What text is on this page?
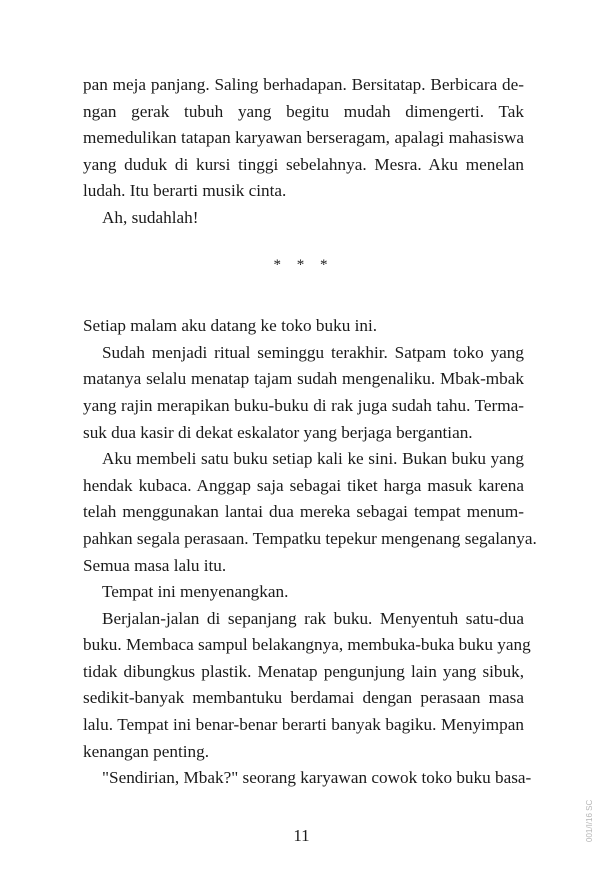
pan meja panjang. Saling berhadapan. Bersitatap. Berbicara de-
ngan gerak tubuh yang begitu mudah dimengerti. Tak
memedulikan tatapan karyawan berseragam, apalagi mahasiswa
yang duduk di kursi tinggi sebelahnya. Mesra. Aku menelan
ludah. Itu berarti musik cinta.
Ah, sudahlah!
* * *
Setiap malam aku datang ke toko buku ini.
Sudah menjadi ritual seminggu terakhir. Satpam toko yang
matanya selalu menatap tajam sudah mengenaliku. Mbak-mbak
yang rajin merapikan buku-buku di rak juga sudah tahu. Terma-
suk dua kasir di dekat eskalator yang berjaga bergantian.
Aku membeli satu buku setiap kali ke sini. Bukan buku yang
hendak kubaca. Anggap saja sebagai tiket harga masuk karena
telah menggunakan lantai dua mereka sebagai tempat menum-
pahkan segala perasaan. Tempatku tepekur mengenang segalanya.
Semua masa lalu itu.
Tempat ini menyenangkan.
Berjalan-jalan di sepanjang rak buku. Menyentuh satu-dua
buku. Membaca sampul belakangnya, membuka-buka buku yang
tidak dibungkus plastik. Menatap pengunjung lain yang sibuk,
sedikit-banyak membantuku berdamai dengan perasaan masa
lalu. Tempat ini benar-benar berarti banyak bagiku. Menyimpan
kenangan penting.
"Sendirian, Mbak?" seorang karyawan cowok toko buku basa-
11	001/I/16 SC
